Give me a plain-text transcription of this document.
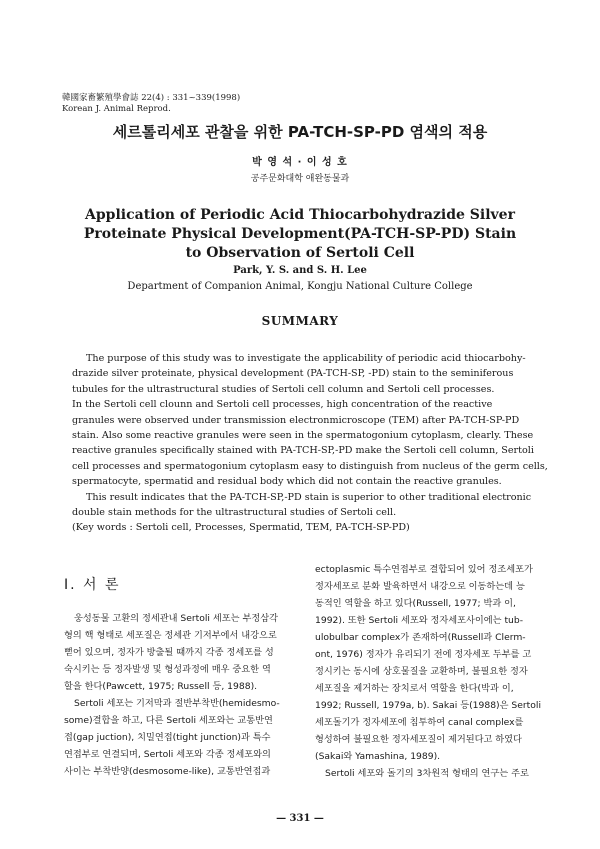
韓國家畜繁殖學會誌 22(4) : 331~339(1998)
Korean J. Animal Reprod.
세르톨리세포 관찰을 위한 PA-TCH-SP-PD 염색의 적용
박 영 석 · 이 성 호
공주문화대학 애완동물과
Application of Periodic Acid Thiocarbohydrazide Silver
Proteinate Physical Development(PA-TCH-SP-PD) Stain
to Observation of Sertoli Cell
Park, Y. S. and S. H. Lee
Department of Companion Animal, Kongju National Culture College
SUMMARY
The purpose of this study was to investigate the applicability of periodic acid thiocarbohy-
drazide silver proteinate, physical development (PA-TCH-SP, -PD) stain to the seminiferous
tubules for the ultrastructural studies of Sertoli cell column and Sertoli cell processes.
In the Sertoli cell clounn and Sertoli cell processes, high concentration of the reactive
granules were observed under transmission electronmicroscope (TEM) after PA-TCH-SP-PD
stain. Also some reactive granules were seen in the spermatogonium cytoplasm, clearly. These
reactive granules specifically stained with PA-TCH-SP,-PD make the Sertoli cell column, Sertoli
cell processes and spermatogonium cytoplasm easy to distinguish from nucleus of the germ cells,
spermatocyte, spermatid and residual body which did not contain the reactive granules.
This result indicates that the PA-TCH-SP,-PD stain is superior to other traditional electronic
double stain methods for the ultrastructural studies of Sertoli cell.
(Key words : Sertoli cell, Processes, Spermatid, TEM, PA-TCH-SP-PD)
I. 서 론
웅성동물 고환의 정세관내 Sertoli 세포는 부정삼각
형의 핵 형태로 세포질은 정세관 기저부에서 내강으로
뻗어 있으며, 정자가 방출될 때까지 각종 정세포를 성
숙시키는 등 정자발생 및 형성과정에 매우 중요한 역
할을 한다(Pawcett, 1975; Russell 등, 1988).
Sertoli 세포는 기저막과 절반부착반(hemidesmo-
some)결합을 하고, 다른 Sertoli 세포와는 교통반연
접(gap juction), 치밀연접(tight junction)과 특수
연접부로 연결되며, Sertoli 세포와 각종 정세포와의
사이는 부착반양(desmosome-like), 교통반연접과
ectoplasmic 특수연접부로 결합되어 있어 정조세포가
정자세포로 분화 발육하면서 내강으로 이동하는데 능
동적인 역할을 하고 있다(Russell, 1977; 박과 이,
1992). 또한 Sertoli 세포와 정자세포사이에는 tub-
ulobulbar complex가 존재하여(Russell과 Clerm-
ont, 1976) 정자가 유리되기 전에 정자세포 두부를 고
정시키는 동시에 상호물질을 교환하며, 불필요한 정자
세포질을 제거하는 장치로서 역할을 한다(박과 이,
1992; Russell, 1979a, b). Sakai 등(1988)은 Sertoli
세포돌기가 정자세포에 침투하여 canal complex를
형성하여 불필요한 정자세포질이 제거된다고 하였다
(Sakai와 Yamashina, 1989).
Sertoli 세포와 돌기의 3차원적 형태의 연구는 주로
— 331 —
